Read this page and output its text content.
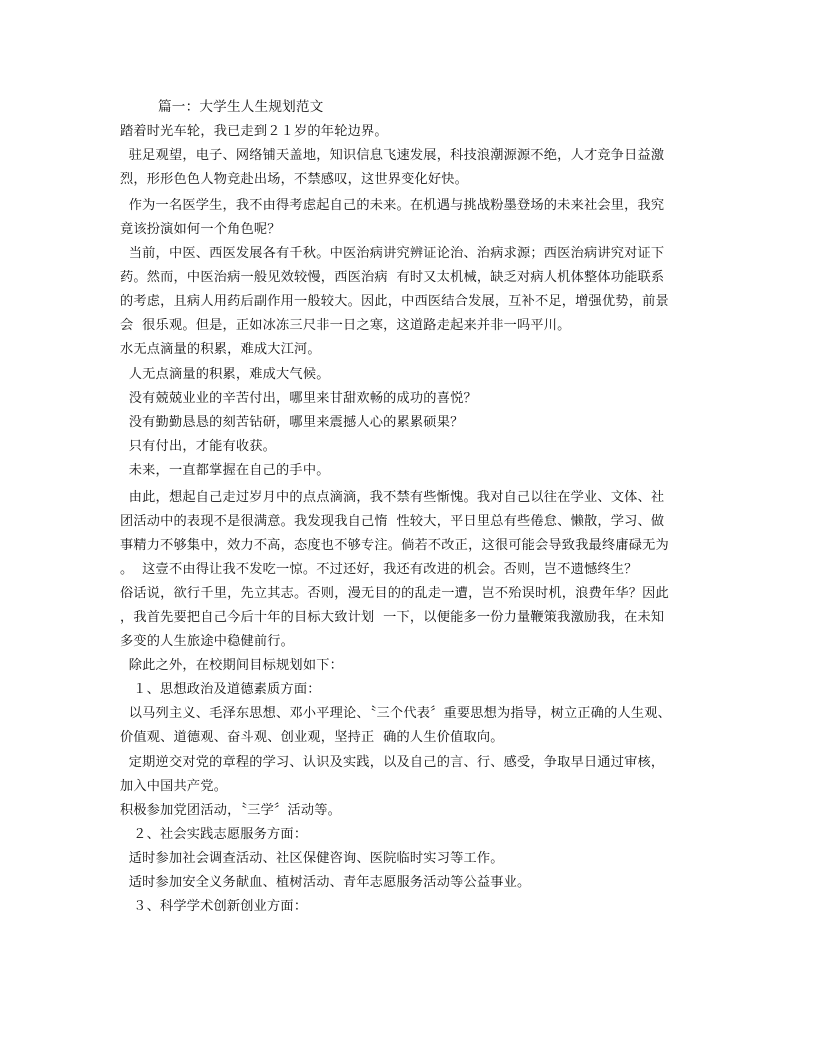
篇一：大学生人生规划范文
踏着时光车轮，我已走到２１岁的年轮边界。
驻足观望，电子、网络铺天盖地，知识信息飞速发展，科技浪潮源源不绝，人才竞争日益激
烈，形形色色人物竞赴出场，不禁感叹，这世界变化好快。
作为一名医学生，我不由得考虑起自己的未来。在机遇与挑战粉墨登场的未来社会里，我究
竟该扮演如何一个角色呢？
当前，中医、西医发展各有千秋。中医治病讲究辨证论治、治病求源；西医治病讲究对证下
药。然而，中医治病一般见效较慢，西医治病  有时又太机械，缺乏对病人机体整体功能联系
的考虑，且病人用药后副作用一般较大。因此，中西医结合发展，互补不足，增强优势，前景
会  很乐观。但是，正如冰冻三尺非一日之寒，这道路走起来并非一吗平川。
水无点滴量的积累，难成大江河。
人无点滴量的积累，难成大气候。
没有兢兢业业的辛苦付出，哪里来甘甜欢畅的成功的喜悦？
没有勤勤恳恳的刻苦钻研，哪里来震撼人心的累累硕果？
只有付出，才能有收获。
未来，一直都掌握在自己的手中。
由此，想起自己走过岁月中的点点滴滴，我不禁有些惭愧。我对自己以往在学业、文体、社
团活动中的表现不是很满意。我发现我自己惰  性较大，平日里总有些倦怠、懒散，学习、做
事精力不够集中，效力不高，态度也不够专注。倘若不改正，这很可能会导致我最终庸碌无为
。  这壹不由得让我不发吃一惊。不过还好，我还有改进的机会。否则，岂不遗憾终生？
俗话说，欲行千里，先立其志。否则，漫无目的的乱走一遭，岂不殆误时机，浪费年华？因此
，我首先要把自己今后十年的目标大致计划  一下，以便能多一份力量鞭策我激励我，在未知
多变的人生旅途中稳健前行。
除此之外，在校期间目标规划如下：
１、思想政治及道德素质方面：
以马列主义、毛泽东思想、邓小平理论、〝三个代表〞重要思想为指导，树立正确的人生观、
价值观、道德观、奋斗观、创业观，坚持正  确的人生价值取向。
定期逆交对党的章程的学习、认识及实践，以及自己的言、行、感受，争取早日通过审核，
加入中国共产党。
积极参加党团活动，〝三学〞活动等。
２、社会实践志愿服务方面：
适时参加社会调查活动、社区保健咨询、医院临时实习等工作。
适时参加安全义务献血、植树活动、青年志愿服务活动等公益事业。
３、科学学术创新创业方面：
